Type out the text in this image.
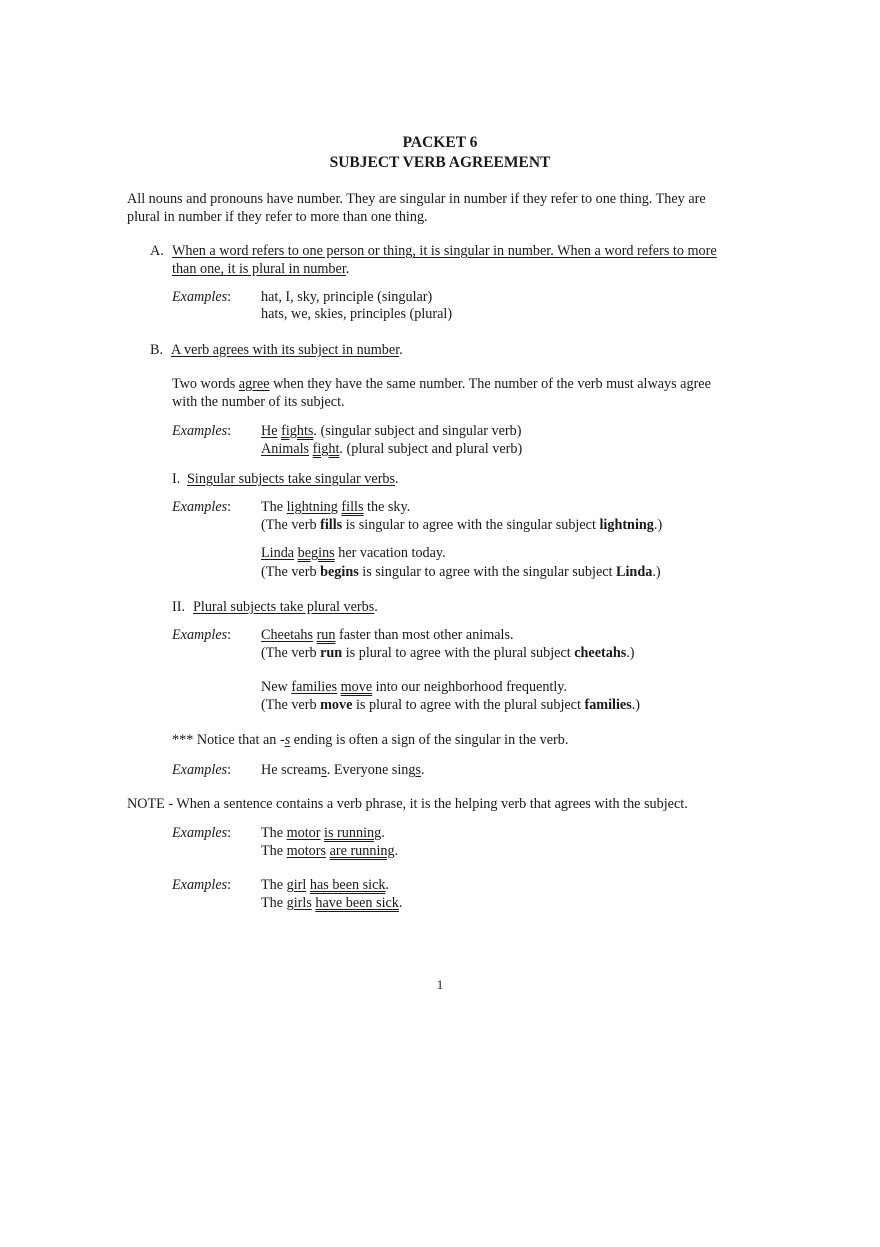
PACKET 6
SUBJECT VERB AGREEMENT
All nouns and pronouns have number. They are singular in number if they refer to one thing. They are
plural in number if they refer to more than one thing.
A. When a word refers to one person or thing, it is singular in number. When a word refers to more
than one, it is plural in number.
Examples: hat, I, sky, principle (singular)
hats, we, skies, principles (plural)
B. A verb agrees with its subject in number.
Two words agree when they have the same number. The number of the verb must always agree
with the number of its subject.
Examples: He fights. (singular subject and singular verb)
Animals fight. (plural subject and plural verb)
I. Singular subjects take singular verbs.
Examples: The lightning fills the sky.
(The verb fills is singular to agree with the singular subject lightning.)
Linda begins her vacation today.
(The verb begins is singular to agree with the singular subject Linda.)
II. Plural subjects take plural verbs.
Examples: Cheetahs run faster than most other animals.
(The verb run is plural to agree with the plural subject cheetahs.)
New families move into our neighborhood frequently.
(The verb move is plural to agree with the plural subject families.)
*** Notice that an -s ending is often a sign of the singular in the verb.
Examples: He screams. Everyone sings.
NOTE - When a sentence contains a verb phrase, it is the helping verb that agrees with the subject.
Examples: The motor is running.
The motors are running.
Examples: The girl has been sick.
The girls have been sick.
1
